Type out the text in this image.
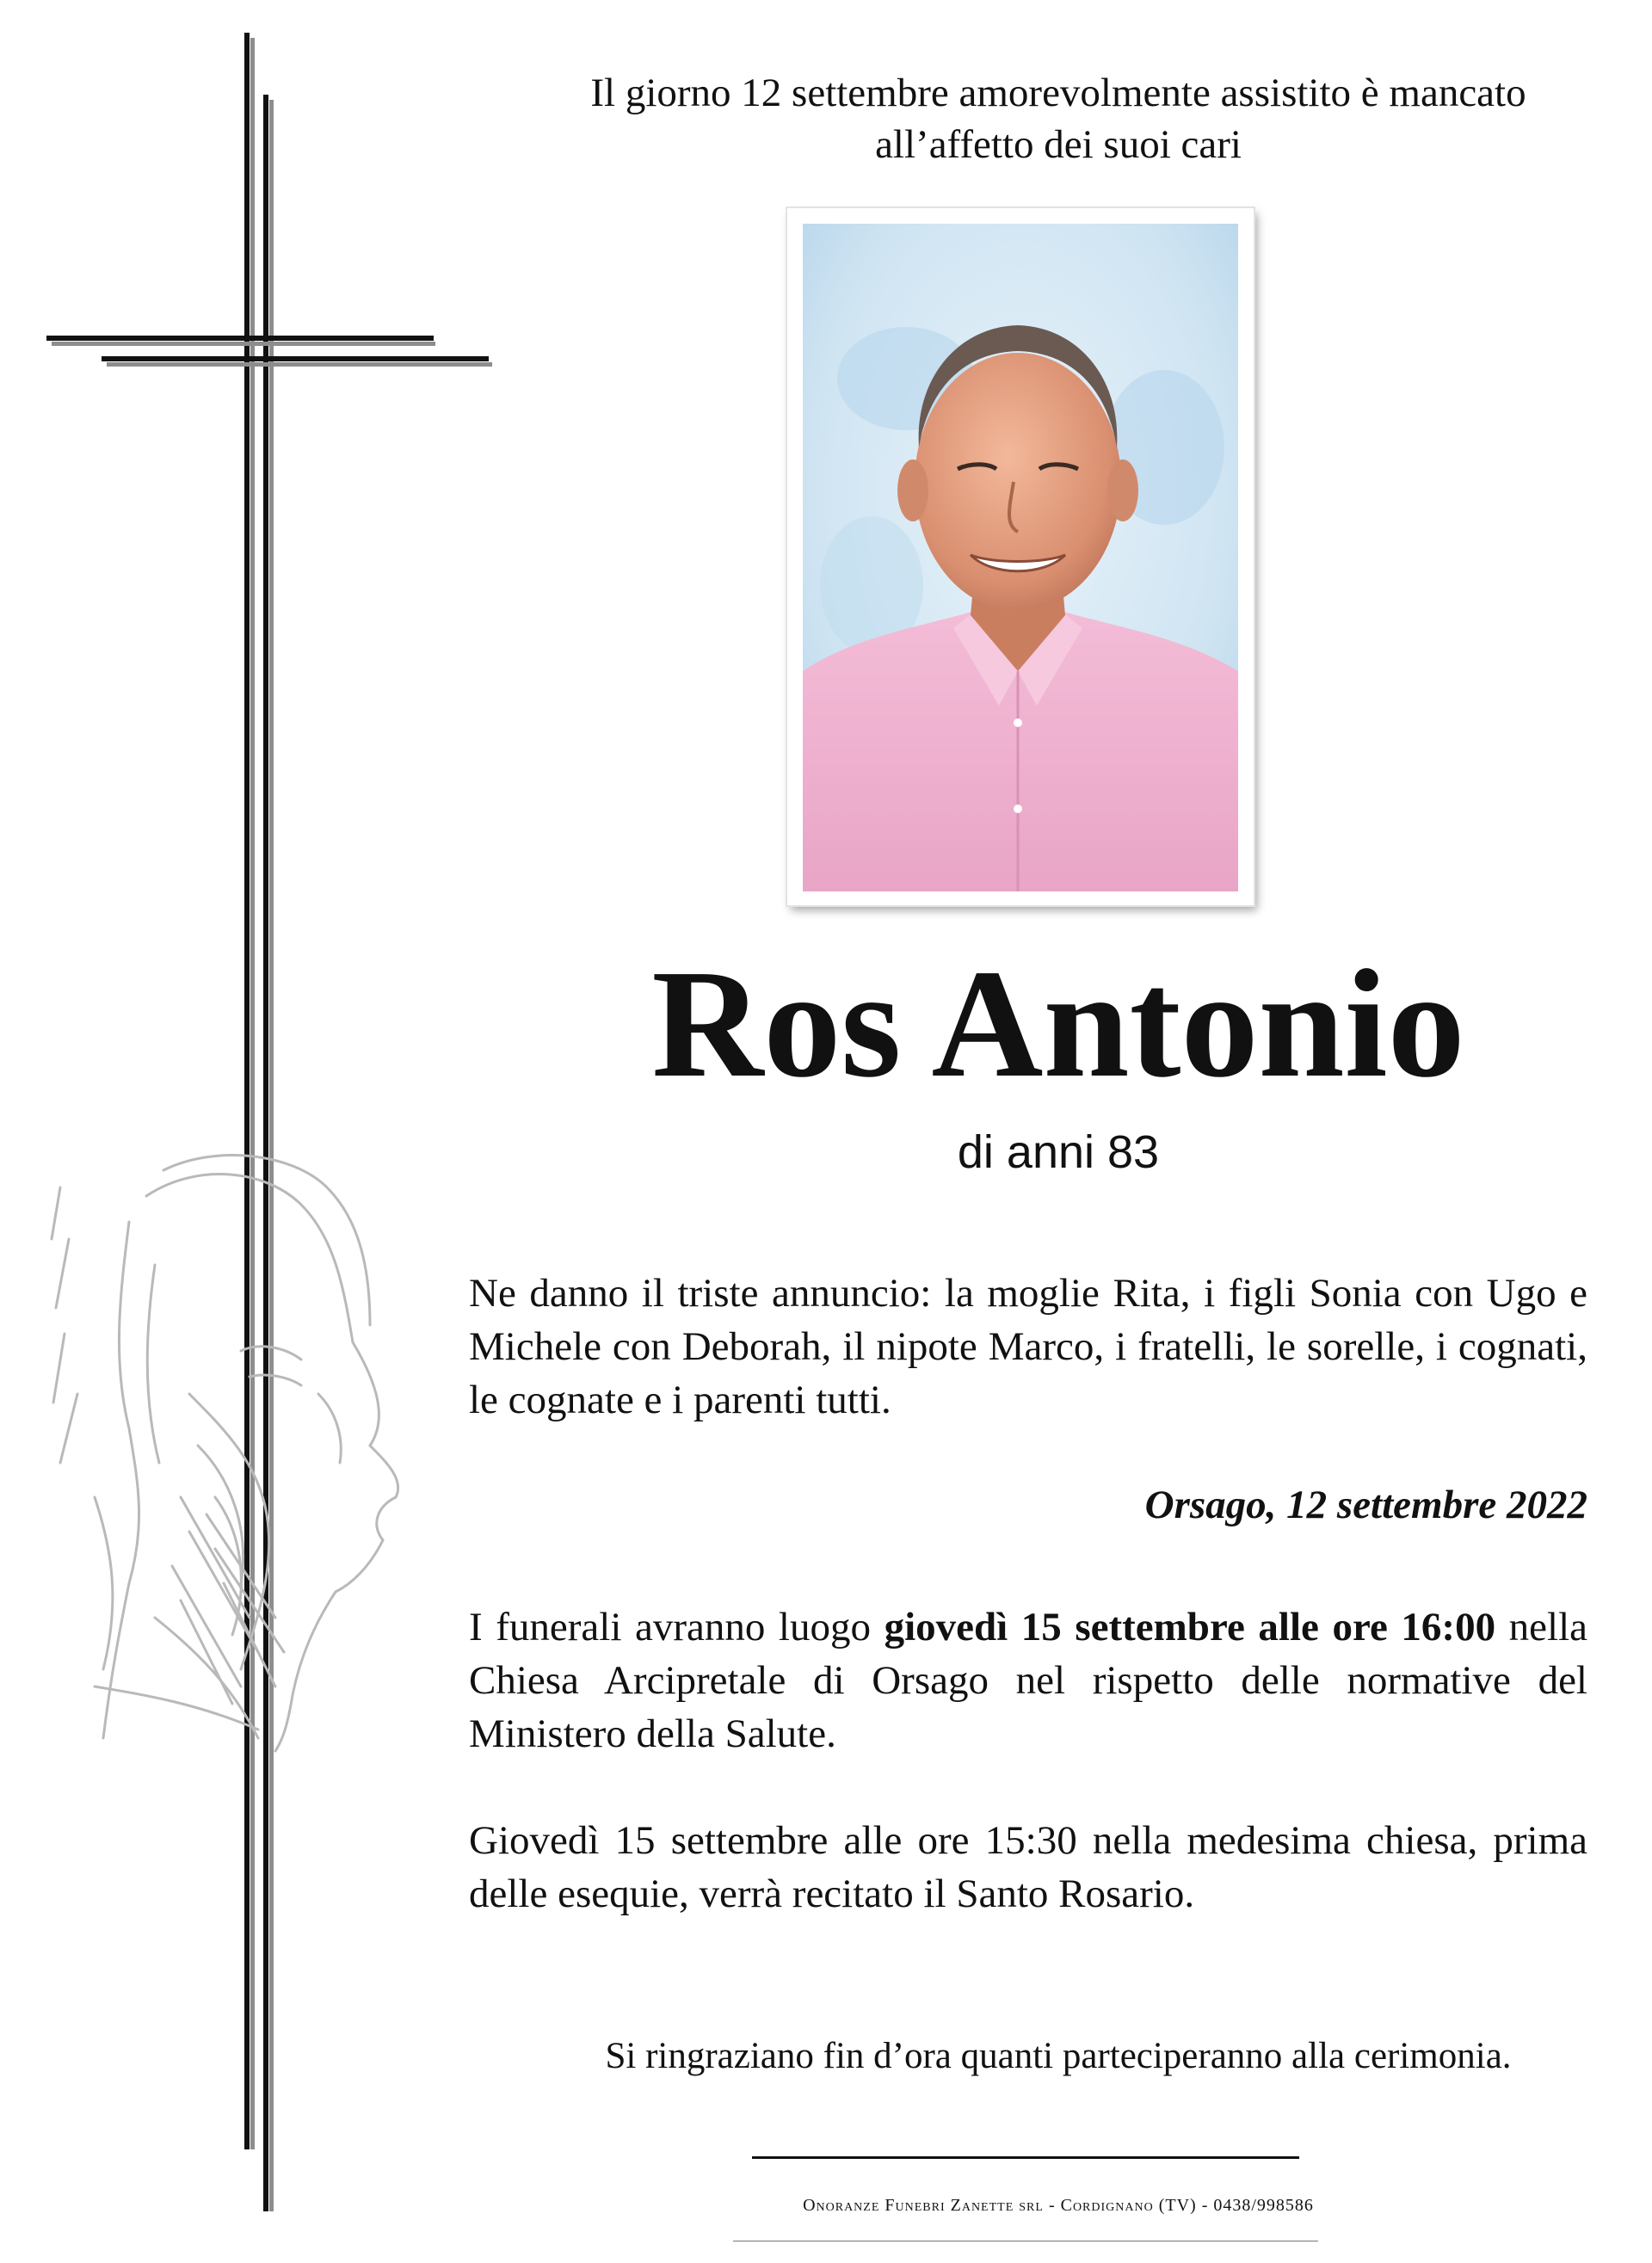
Il giorno 12 settembre amorevolmente assistito è mancato
all’affetto dei suoi cari
Ros Antonio
di anni 83
Ne danno il triste annuncio: la moglie Rita, i figli Sonia con Ugo e Michele con Deborah, il nipote Marco, i fratelli, le sorelle, i cognati, le cognate e i parenti tutti.
Orsago, 12 settembre 2022
I funerali avranno luogo giovedì 15 settembre alle ore 16:00 nella Chiesa Arcipretale di Orsago nel rispetto delle normative del Ministero della Salute.
Giovedì 15 settembre alle ore 15:30 nella medesima chiesa, prima delle esequie, verrà recitato il Santo Rosario.
Si ringraziano fin d’ora quanti parteciperanno alla cerimonia.
Onoranze Funebri Zanette srl - Cordignano (TV) - 0438/998586
